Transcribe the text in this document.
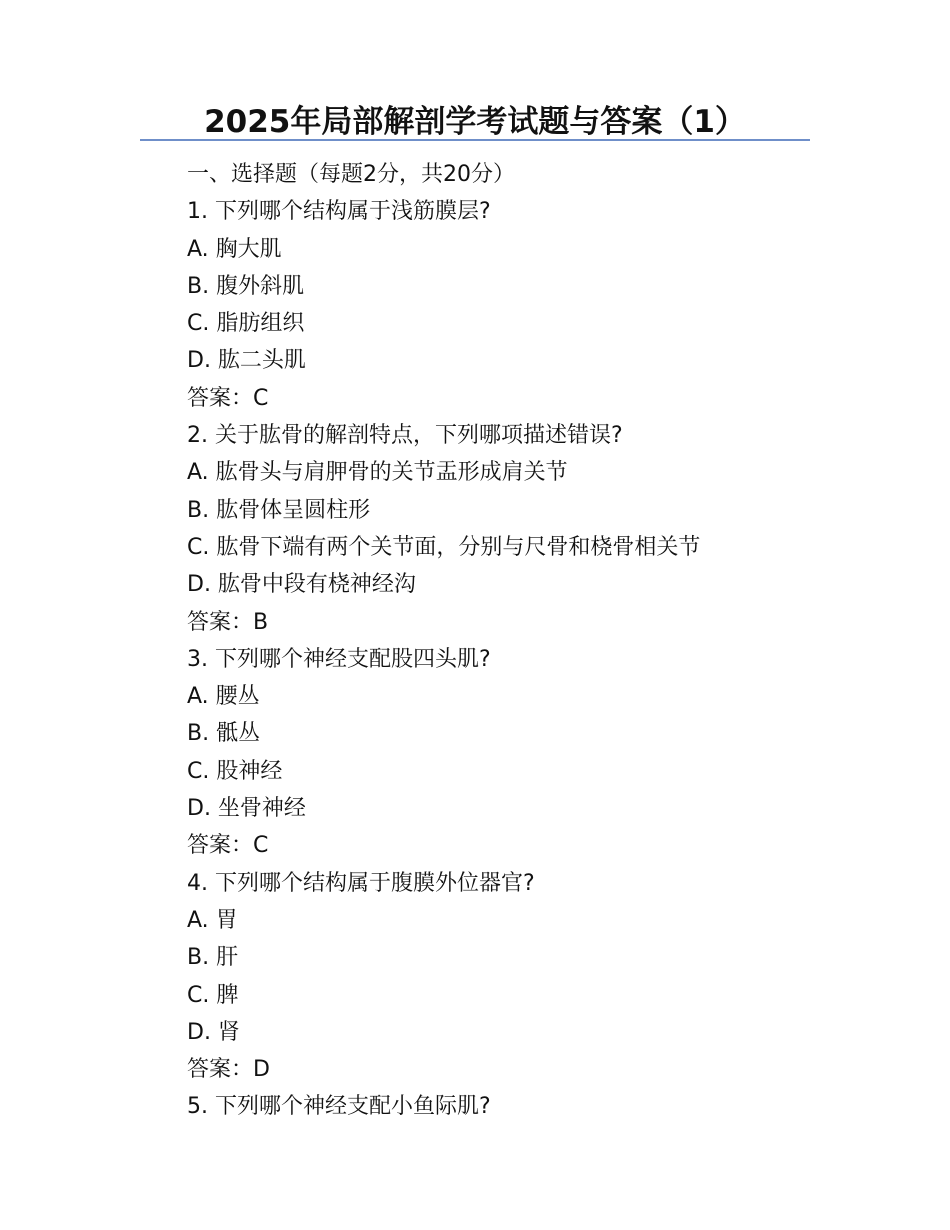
2025年局部解剖学考试题与答案（1）
一、选择题（每题2分，共20分）
1. 下列哪个结构属于浅筋膜层?
A. 胸大肌
B. 腹外斜肌
C. 脂肪组织
D. 肱二头肌
答案：C
2. 关于肱骨的解剖特点，下列哪项描述错误?
A. 肱骨头与肩胛骨的关节盂形成肩关节
B. 肱骨体呈圆柱形
C. 肱骨下端有两个关节面，分别与尺骨和桡骨相关节
D. 肱骨中段有桡神经沟
答案：B
3. 下列哪个神经支配股四头肌?
A. 腰丛
B. 骶丛
C. 股神经
D. 坐骨神经
答案：C
4. 下列哪个结构属于腹膜外位器官?
A. 胃
B. 肝
C. 脾
D. 肾
答案：D
5. 下列哪个神经支配小鱼际肌?
